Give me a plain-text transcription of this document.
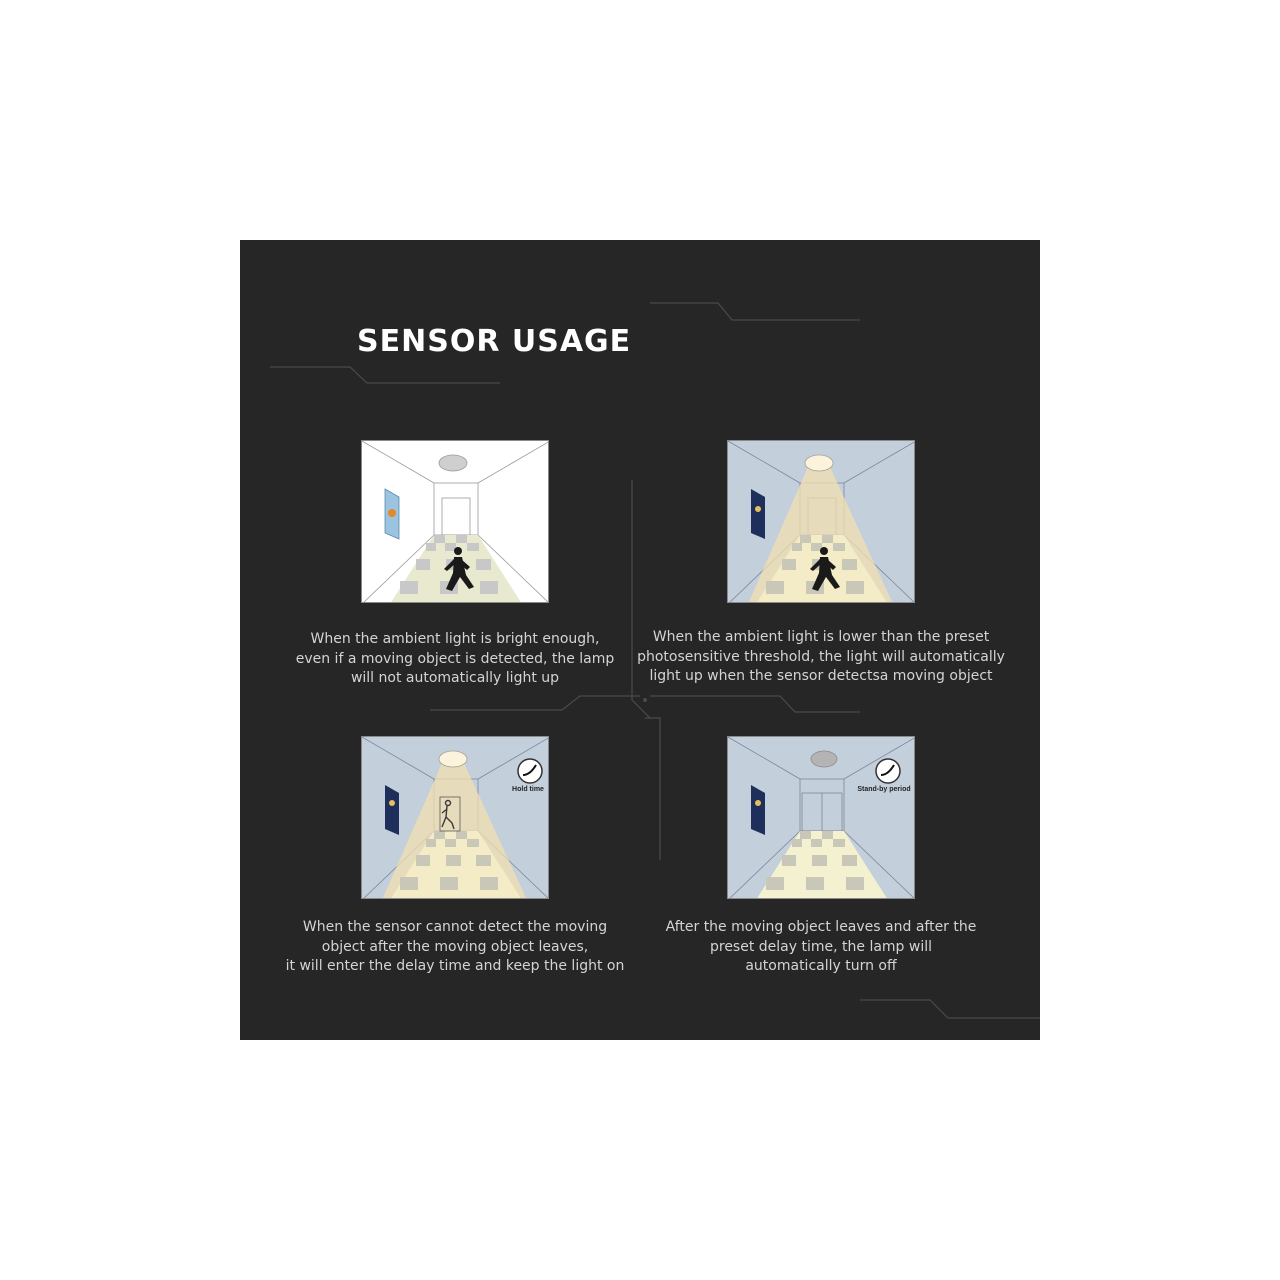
SENSOR USAGE
When the ambient light is bright enough,
even if a moving object is detected, the lamp
will not automatically light up
When the ambient light is lower than the preset
photosensitive threshold, the light will automatically
light up when the sensor detectsa moving object
Hold time
When the sensor cannot detect the moving
object after the moving object leaves,
it will enter the delay time and keep the light on
Stand-by period
After the moving object leaves and after the
preset delay time, the lamp will
automatically turn off
